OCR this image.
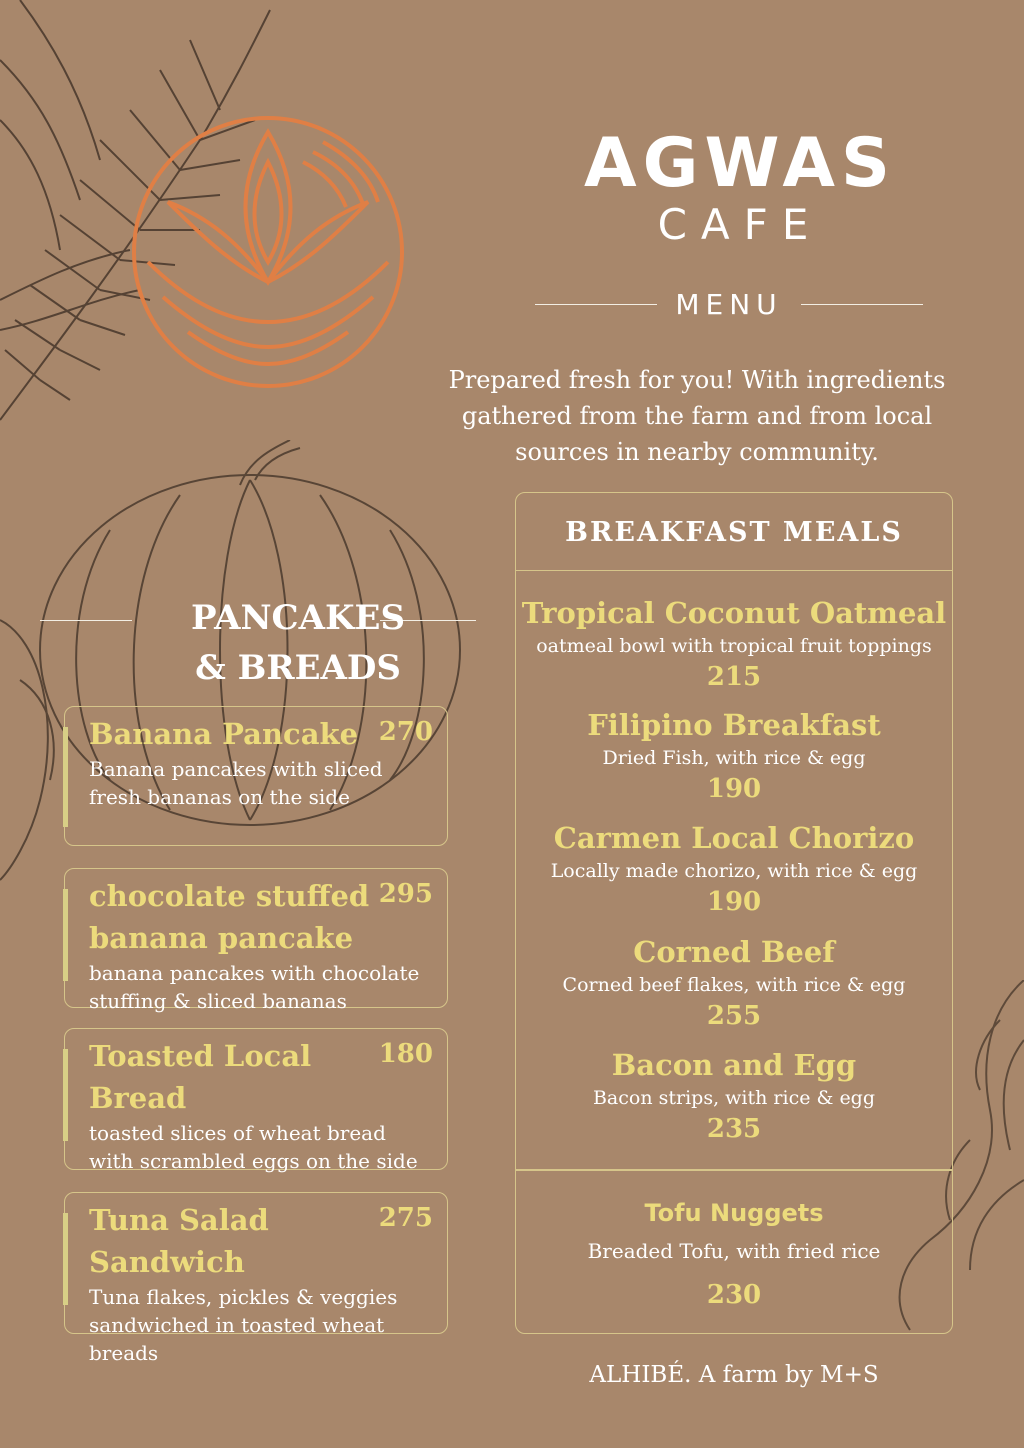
AGWAS
CAFE
MENU
Prepared fresh for you! With ingredients gathered from the farm and from local sources in nearby community.
PANCAKES
& BREADS
Banana Pancake 270
Banana pancakes with sliced fresh bananas on the side
chocolate stuffed banana pancake
295
banana pancakes with chocolate stuffing & sliced bananas
Toasted Local Bread
180
toasted slices of wheat bread with scrambled eggs on the side
Tuna Salad Sandwich
275
Tuna flakes, pickles & veggies sandwiched in toasted wheat breads
BREAKFAST MEALS
Tropical Coconut Oatmeal
oatmeal bowl with tropical fruit toppings
215
Filipino Breakfast
Dried Fish, with rice & egg
190
Carmen Local Chorizo
Locally made chorizo, with rice & egg
190
Corned Beef
Corned beef flakes, with rice & egg
255
Bacon and Egg
Bacon strips, with rice & egg
235
Tofu Nuggets
Breaded Tofu, with fried rice
230
ALHIBÉ. A farm by M+S
